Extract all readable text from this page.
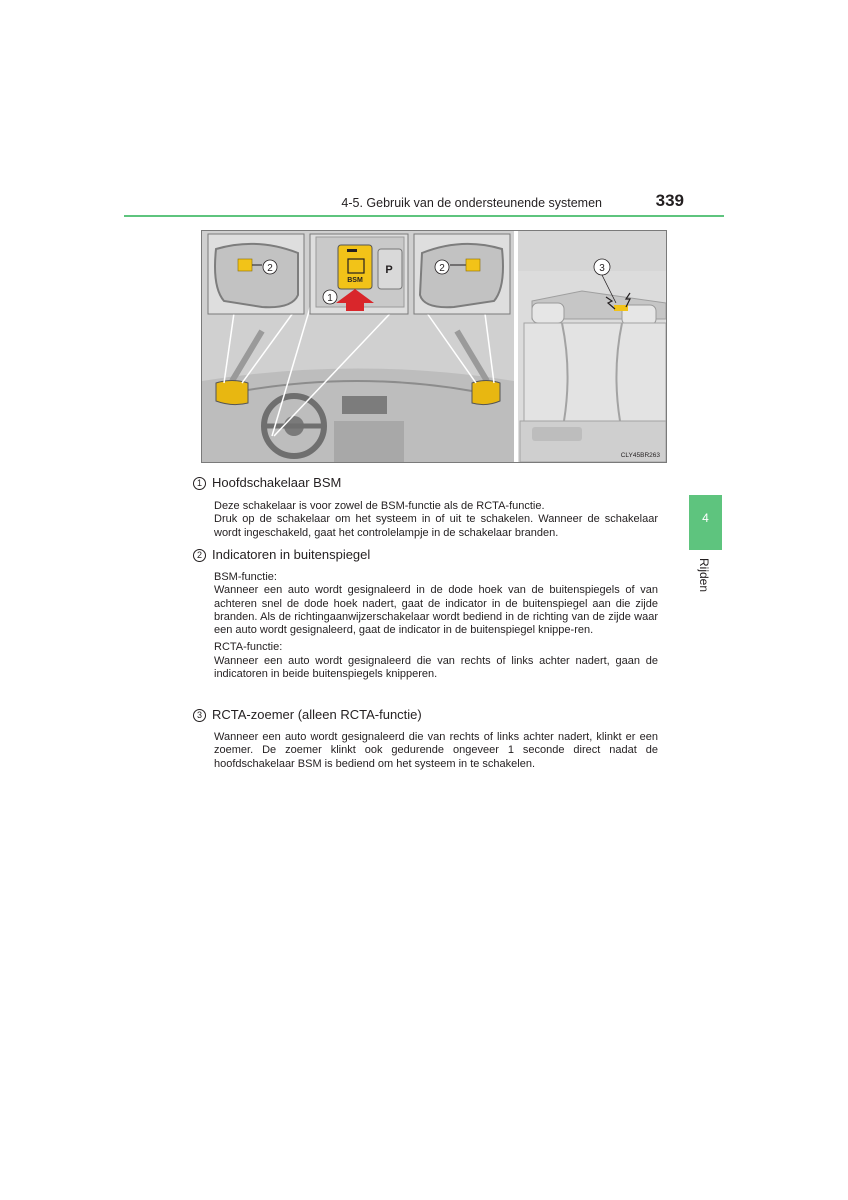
4-5. Gebruik van de ondersteunende systemen	339
4
Rijden
2
BSM
P
1
2	3
CLY45BR263
1 Hoofdschakelaar BSM

Deze schakelaar is voor zowel de BSM-functie als de RCTA-functie.

Druk op de schakelaar om het systeem in of uit te schakelen. Wanneer de schakelaar wordt ingeschakeld, gaat het controlelampje in de schakelaar branden.

2 Indicatoren in buitenspiegel

BSM-functie:

Wanneer een auto wordt gesignaleerd in de dode hoek van de buitenspiegels of van achteren snel de dode hoek nadert, gaat de indicator in de buitenspiegel aan die zijde branden. Als de richtingaanwijzerschakelaar wordt bediend in de richting van de zijde waar een auto wordt gesignaleerd, gaat de indicator in de buitenspiegel knippe-ren.

RCTA-functie:

Wanneer een auto wordt gesignaleerd die van rechts of links achter nadert, gaan de indicatoren in beide buitenspiegels knipperen.

3 RCTA-zoemer (alleen RCTA-functie)

Wanneer een auto wordt gesignaleerd die van rechts of links achter nadert, klinkt er een zoemer. De zoemer klinkt ook gedurende ongeveer 1 seconde direct nadat de hoofdschakelaar BSM is bediend om het systeem in te schakelen.
